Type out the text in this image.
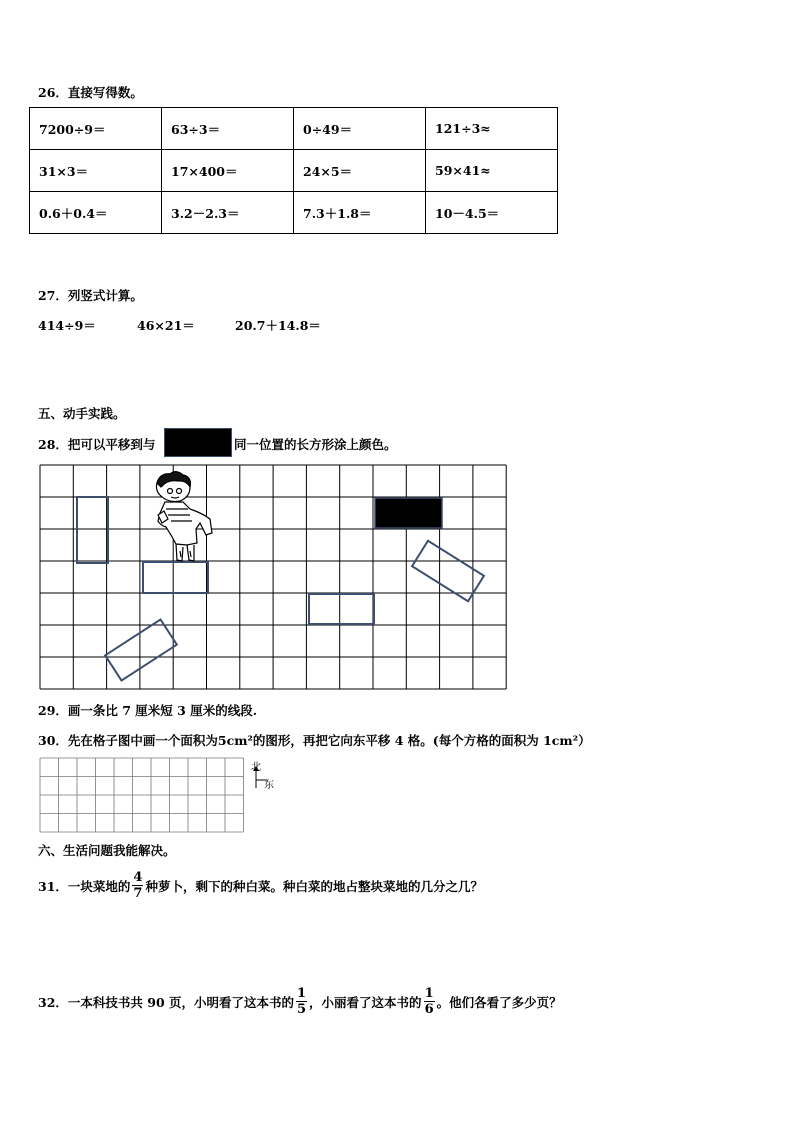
26．直接写得数。
7200÷9＝	63÷3＝	0÷49＝	121÷3≈
31×3＝	17×400＝	24×5＝	59×41≈
0.6＋0.4＝	3.2－2.3＝	7.3＋1.8＝	10－4.5＝
27．列竖式计算。
414÷9＝	46×21＝	20.7＋14.8＝
五、动手实践。
28．把可以平移到与	同一位置的长方形涂上颜色。
29．画一条比 7 厘米短 3 厘米的线段.
30．先在格子图中画一个面积为5cm²的图形，再把它向东平移 4 格。(每个方格的面积为 1cm²）
北
东
六、生活问题我能解决。
31．一块菜地的 $\frac{4}{7}$ 种萝卜，剩下的种白菜。种白菜的地占整块菜地的几分之几？
32．一本科技书共 90 页，小明看了这本书的 $\frac{1}{5}$ ，小丽看了这本书的 $\frac{1}{6}$ 。他们各看了多少页？
